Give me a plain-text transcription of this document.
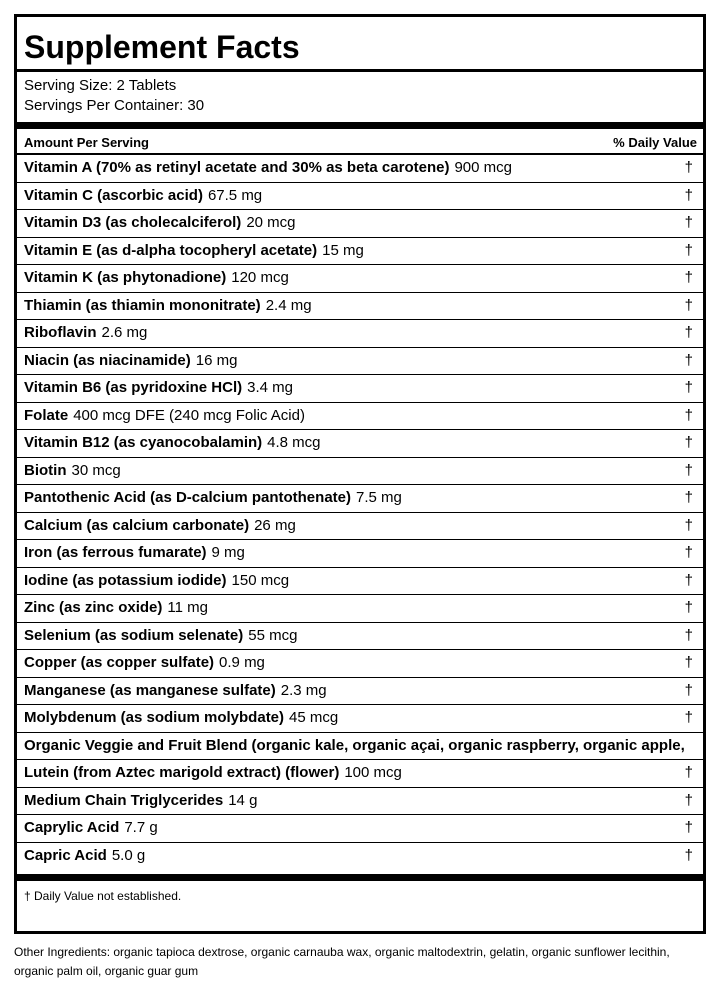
Supplement Facts
Serving Size: 2 Tablets
Servings Per Container: 30
Amount Per Serving	% Daily Value
Vitamin A (70% as retinyl acetate and 30% as beta carotene) 900 mcg	†
Vitamin C (ascorbic acid) 67.5 mg	†
Vitamin D3 (as cholecalciferol) 20 mcg	†
Vitamin E (as d-alpha tocopheryl acetate) 15 mg	†
Vitamin K (as phytonadione) 120 mcg	†
Thiamin (as thiamin mononitrate) 2.4 mg	†
Riboflavin 2.6 mg	†
Niacin (as niacinamide) 16 mg	†
Vitamin B6 (as pyridoxine HCl) 3.4 mg	†
Folate 400 mcg DFE (240 mcg Folic Acid)	†
Vitamin B12 (as cyanocobalamin) 4.8 mcg	†
Biotin 30 mcg	†
Pantothenic Acid (as D-calcium pantothenate) 7.5 mg	†
Calcium (as calcium carbonate) 26 mg	†
Iron (as ferrous fumarate) 9 mg	†
Iodine (as potassium iodide) 150 mcg	†
Zinc (as zinc oxide) 11 mg	†
Selenium (as sodium selenate) 55 mcg	†
Copper (as copper sulfate) 0.9 mg	†
Manganese (as manganese sulfate) 2.3 mg	†
Molybdenum (as sodium molybdate) 45 mcg	†
Organic Veggie and Fruit Blend (organic kale, organic açai, organic raspberry, organic apple,
Lutein (from Aztec marigold extract) (flower) 100 mcg	†
Medium Chain Triglycerides 14 g	†
Caprylic Acid 7.7 g	†
Capric Acid 5.0 g	†
† Daily Value not established.
Other Ingredients: organic tapioca dextrose, organic carnauba wax, organic maltodextrin, gelatin, organic sunflower lecithin, organic palm oil, organic guar gum
